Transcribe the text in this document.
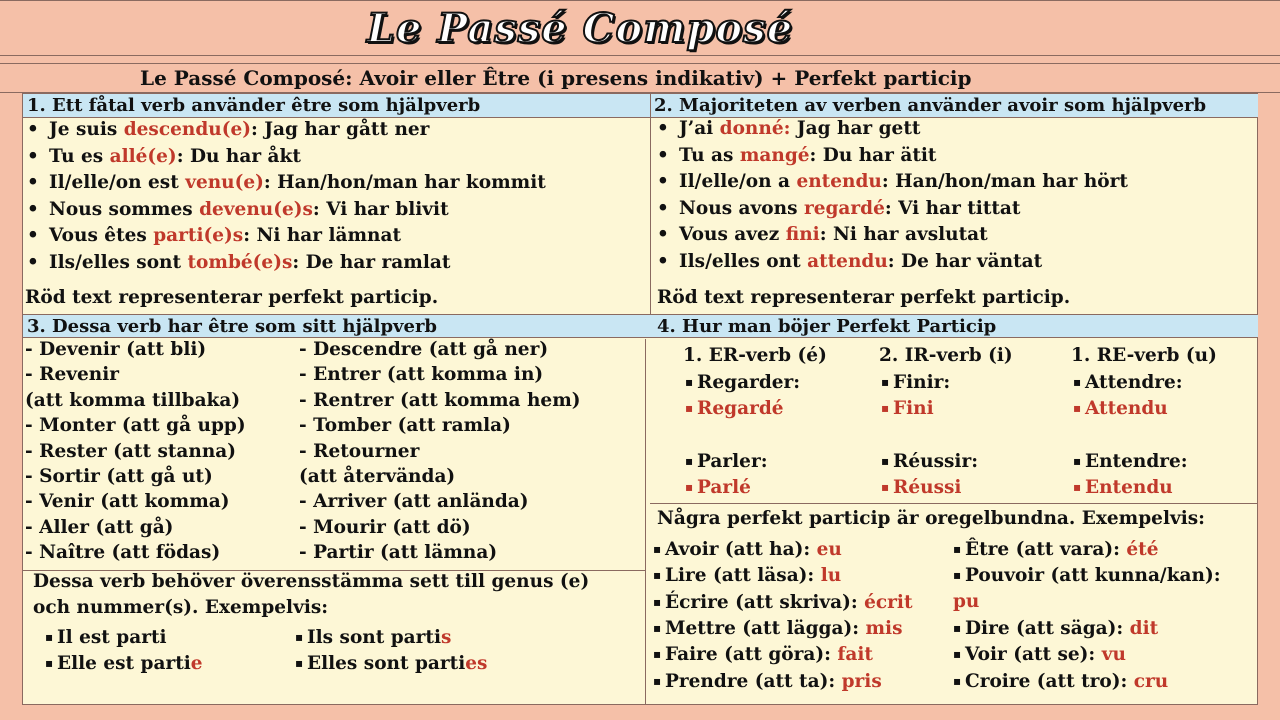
Le Passé Composé
Le Passé Composé: Avoir eller Être (i presens indikativ) + Perfekt particip
1. Ett fåtal verb använder être som hjälpverb	2. Majoriteten av verben använder avoir som hjälpverb
• Je suis descendu(e): Jag har gått ner
• Tu es allé(e): Du har åkt
• Il/elle/on est venu(e): Han/hon/man har kommit
• Nous sommes devenu(e)s: Vi har blivit
• Vous êtes parti(e)s: Ni har lämnat
• Ils/elles sont tombé(e)s: De har ramlat
Röd text representerar perfekt particip.
• J’ai donné: Jag har gett
• Tu as mangé: Du har ätit
• Il/elle/on a entendu: Han/hon/man har hört
• Nous avons regardé: Vi har tittat
• Vous avez fini: Ni har avslutat
• Ils/elles ont attendu: De har väntat
Röd text representerar perfekt particip.
3. Dessa verb har être som sitt hjälpverb	4. Hur man böjer Perfekt Particip
- Devenir (att bli)
- Revenir
(att komma tillbaka)
- Monter (att gå upp)
- Rester (att stanna)
- Sortir (att gå ut)
- Venir (att komma)
- Aller (att gå)
- Naître (att födas)
- Descendre (att gå ner)
- Entrer (att komma in)
- Rentrer (att komma hem)
- Tomber (att ramla)
- Retourner
(att återvända)
- Arriver (att anlända)
- Mourir (att dö)
- Partir (att lämna)
Dessa verb behöver överensstämma sett till genus (e)
och nummer(s). Exempelvis:
▪ Il est parti	▪ Ils sont partis
▪ Elle est partie	▪ Elles sont parties
1. ER-verb (é)
▪ Regarder:
▪ Regardé
▪ Parler:
▪ Parlé
2. IR-verb (i)
▪ Finir:
▪ Fini
▪ Réussir:
▪ Réussi
1. RE-verb (u)
▪ Attendre:
▪ Attendu
▪ Entendre:
▪ Entendu
Några perfekt particip är oregelbundna. Exempelvis:
▪ Avoir (att ha): eu
▪ Lire (att läsa): lu
▪ Écrire (att skriva): écrit
▪ Mettre (att lägga): mis
▪ Faire (att göra): fait
▪ Prendre (att ta): pris
▪ Être (att vara): été
▪ Pouvoir (att kunna/kan):
pu
▪ Dire (att säga): dit
▪ Voir (att se): vu
▪ Croire (att tro): cru
